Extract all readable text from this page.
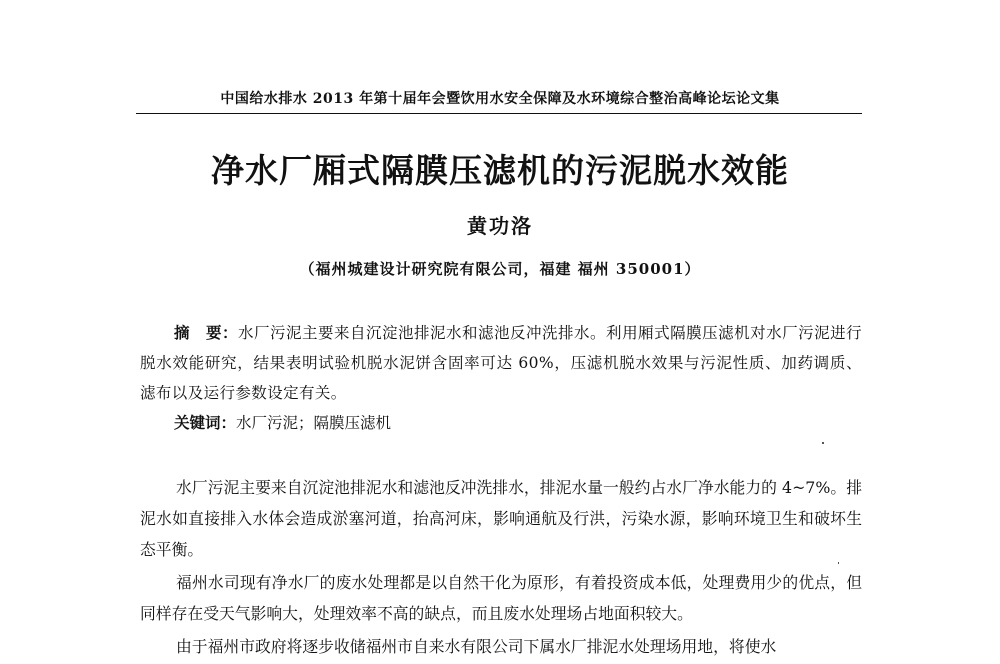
中国给水排水 2013 年第十届年会暨饮用水安全保障及水环境综合整治高峰论坛论文集
净水厂厢式隔膜压滤机的污泥脱水效能
黄功洛
（福州城建设计研究院有限公司，福建 福州 350001）
摘　要：水厂污泥主要来自沉淀池排泥水和滤池反冲洗排水。利用厢式隔膜压滤机对水厂污泥进行脱水效能研究，结果表明试验机脱水泥饼含固率可达 60%，压滤机脱水效果与污泥性质、加药调质、滤布以及运行参数设定有关。
关键词：水厂污泥；隔膜压滤机

水厂污泥主要来自沉淀池排泥水和滤池反冲洗排水，排泥水量一般约占水厂净水能力的 4~7%。排泥水如直接排入水体会造成淤塞河道，抬高河床，影响通航及行洪，污染水源，影响环境卫生和破坏生态平衡。

福州水司现有净水厂的废水处理都是以自然干化为原形，有着投资成本低，处理费用少的优点，但同样存在受天气影响大，处理效率不高的缺点，而且废水处理场占地面积较大。

由于福州市政府将逐步收储福州市自来水有限公司下属水厂排泥水处理场用地，将使水
